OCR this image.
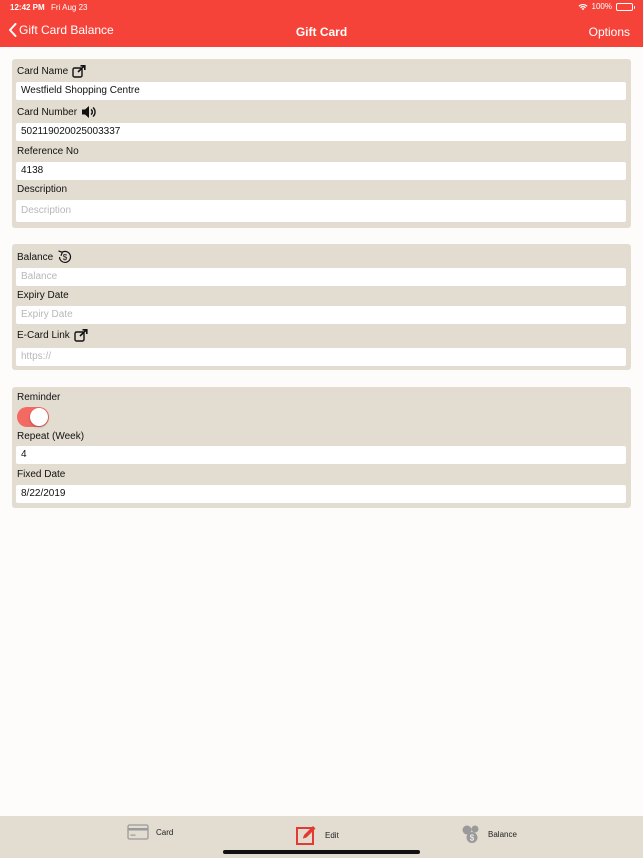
12:42 PM Fri Aug 23	100%
Gift Card Balance	Gift Card	Options
Card Name
Westfield Shopping Centre
Card Number
502119020025003337
Reference No
4138
Description
Description
Balance $
Balance
Expiry Date
Expiry Date
E-Card Link
https://
Reminder
Repeat (Week)
4
Fixed Date
8/22/2019
Card	Edit	$ Balance
